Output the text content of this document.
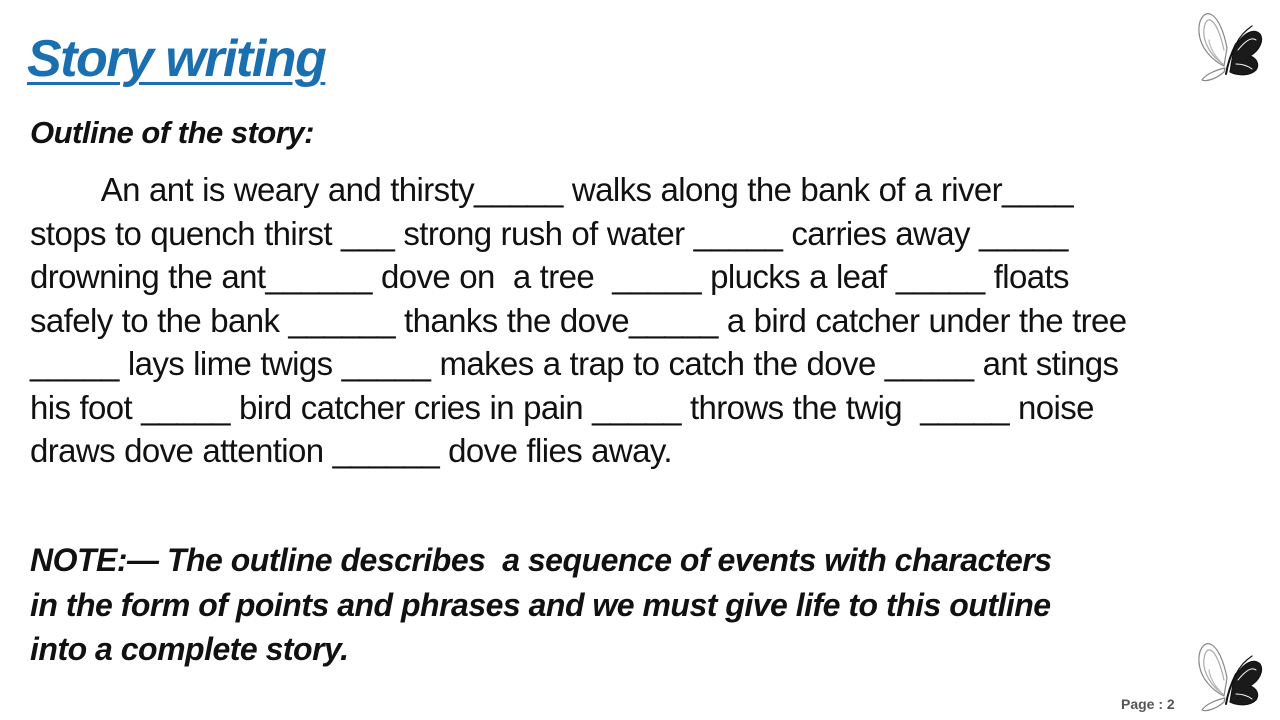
Story writing
Outline of the story:
An ant is weary and thirsty_____ walks along the bank of a river____
stops to quench thirst ___ strong rush of water _____ carries away _____
drowning the ant______ dove on  a tree  _____ plucks a leaf _____ floats
safely to the bank ______ thanks the dove_____ a bird catcher under the tree
_____ lays lime twigs _____ makes a trap to catch the dove _____ ant stings
his foot _____ bird catcher cries in pain _____ throws the twig  _____ noise
draws dove attention ______ dove flies away.
NOTE:— The outline describes  a sequence of events with characters
in the form of points and phrases and we must give life to this outline
into a complete story.
Page : 2
